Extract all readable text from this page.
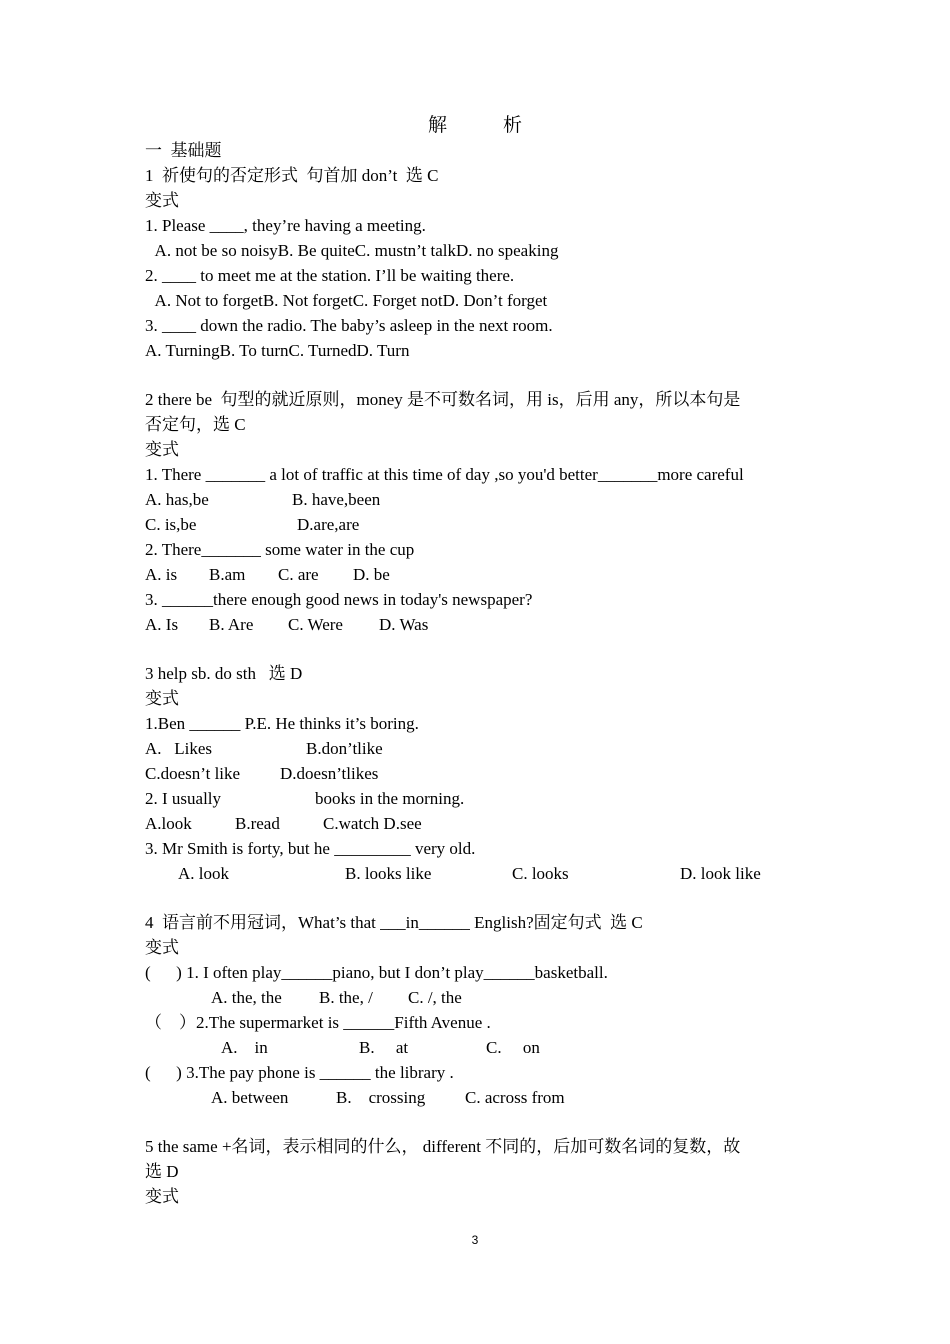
解	析
一  基础题
1  祈使句的否定形式  句首加 don’t  选 C
变式
1. Please ____, they’re having a meeting.
A. not be so noisyB. Be quiteC. mustn’t talkD. no speaking
2. ____ to meet me at the station. I’ll be waiting there.
A. Not to forgetB. Not forgetC. Forget notD. Don’t forget
3. ____ down the radio. The baby’s asleep in the next room.
A. TurningB. To turnC. TurnedD. Turn
2 there be  句型的就近原则，money 是不可数名词，用 is，后用 any，所以本句是
否定句，选 C
变式
1. There _______ a lot of traffic at this time of day ,so you'd better_______more careful
A. has,be	B. have,been
C. is,be	D.are,are
2. There_______ some water in the cup
A. is B.am C. are D. be
3. ______there enough good news in today's newspaper?
A. Is B. Are C. Were D. Was
3 help sb. do sth   选 D
变式
1.Ben ______ P.E. He thinks it’s boring.
A.   Likes	B.don’tlike
C.doesn’t like D.doesn’tlikes
2. I usually	books in the morning.
A.look	B.read	C.watch D.see
3. Mr Smith is forty, but he _________ very old.
A. look	B. looks like	C. looks	D. look like
4  语言前不用冠词，What’s that ___in______ English?固定句式  选 C
变式
(      ) 1. I often play______piano, but I don’t play______basketball.
A. the, the B. the, / C. /, the
（    ）2.The supermarket is ______Fifth Avenue .
A.    in	B.     at	C.     on
(      ) 3.The pay phone is ______ the library .
A. between	B.    crossing C. across from
5 the same +名词，表示相同的什么， different 不同的，后加可数名词的复数，故
选 D
变式
3
